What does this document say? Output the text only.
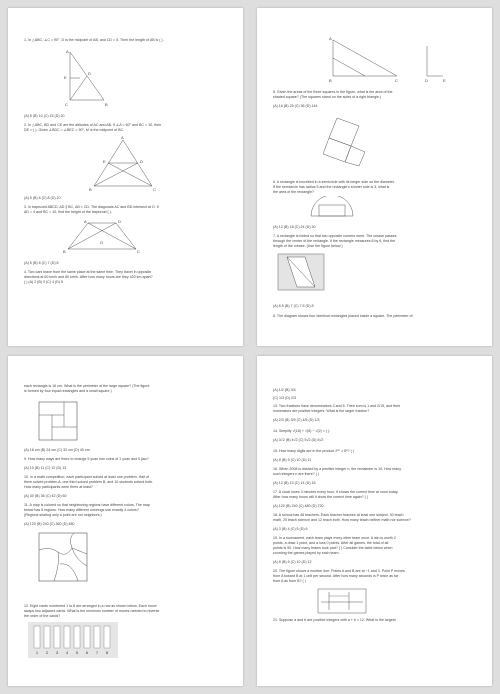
1. In △ABC, ∠C = 90°, D is the midpoint of AB, and CD = 5. Then the length of AB is ( ).
A
B
C
D
E
(A) 5 (B) 10 (C) 15 (D) 20
2. In △ABC, BD and CE are the altitudes of AC and AB. If ∠A = 60° and BC = 10, then
DE = ( ). Given ∠BDC = ∠BEC = 90°, M is the midpoint of BC.
A
B	C
D
E
(A) 5 (B) 6 (C) 8 (D) 10
3. In trapezoid ABCD, AD ∥ BC, AB = CD. The diagonals AC and BD intersect at O. If
AD = 4 and BC = 10, find the height of the trapezoid ( ).
A
B	C
D
O
(A) 5 (B) 6 (C) 7 (D) 8
4. Two cars leave from the same place at the same time. They travel in opposite
directions at 60 km/h and 80 km/h. After how many hours are they 420 km apart?
( ) (A) 2 (B) 3 (C) 4 (D) 5
A
B	C	D	E
5. Given the areas of the three squares in the figure, what is the area of the
shaded square? (The squares stand on the sides of a right triangle.)
(A) 16 (B) 25 (C) 36 (D) 144
6. A rectangle is inscribed in a semicircle with its longer side on the diameter.
If the semicircle has radius 5 and the rectangle's shorter side is 3, what is
the area of the rectangle?
(A) 12 (B) 18 (C) 24 (D) 30
7. A rectangle is folded so that two opposite corners meet. The crease passes
through the center of the rectangle. If the rectangle measures 8 by 6, find the
length of the crease. (Use the figure below.)
(A) 6.5 (B) 7 (C) 7.5 (D) 8
8. The diagram shows four identical rectangles placed inside a square. The perimeter of
each rectangle is 16 cm. What is the perimeter of the large square? (The figure
is formed by four equal rectangles and a small square.)
(A) 16 cm (B) 24 cm (C) 32 cm (D) 40 cm
9. How many ways are there to change 5 yuan into coins of 1 yuan and 5 jiao?
(A) 10 (B) 11 (C) 12 (D) 13
10. In a math competition, each participant solved at least one problem. Half of
them solved problem A, one third solved problem B, and 10 students solved both.
How many participants were there at least?
(A) 30 (B) 36 (C) 42 (D) 60
11. A map is colored so that neighboring regions have different colors. The map
below has 6 regions. How many different colorings use exactly 4 colors?
(Regions sharing only a point are not neighbors.)
(A) 120 (B) 240 (C) 360 (D) 480
12. Eight cards numbered 1 to 8 are arranged in a row as shown below. Each move
swaps two adjacent cards. What is the minimum number of moves needed to reverse
the order of the cards?
1 2 3 4 5 6 7 8
(A) 1/2 (B) 3/4
(C) 1/3 (D) 2/3
13. Two fractions have denominators 3 and 5. Their sum is 1 and 2/15, and their
numerators are positive integers. What is the larger fraction?
(A) 2/3 (B) 3/5 (C) 4/5 (D) 1/3
14. Simplify √(18) + √(8) − √(2) = ( ).
(A) 3√2 (B) 4√2 (C) 5√2 (D) 6√2
15. How many digits are in the product 2¹⁰ × 5⁸? ( )
(A) 8 (B) 9 (C) 10 (D) 11
16. When 2008 is divided by a positive integer n, the remainder is 10. How many
such integers n are there? ( )
(A) 12 (B) 13 (C) 14 (D) 15
17. A clock loses 3 minutes every hour. It shows the correct time at noon today.
After how many hours will it show the correct time again? ( )
(A) 120 (B) 240 (C) 480 (D) 720
18. A school has 48 teachers. Each teacher teaches at least one subject. 30 teach
math, 25 teach science and 12 teach both. How many teach neither math nor science?
(A) 3 (B) 4 (C) 5 (D) 6
19. In a tournament, each team plays every other team once. A win is worth 2
points, a draw 1 point, and a loss 0 points. After all games, the total of all
points is 90. How many teams took part? ( ) Consider the table below when
counting the games played by each team.
(A) 8 (B) 9 (C) 10 (D) 12
20. The figure shows a number line. Points A and B are at −1 and 3. Point P moves
from A toward B at 1 unit per second. After how many seconds is P twice as far
from A as from B? ( )
21. Suppose a and b are positive integers with a + b = 12. What is the largest
